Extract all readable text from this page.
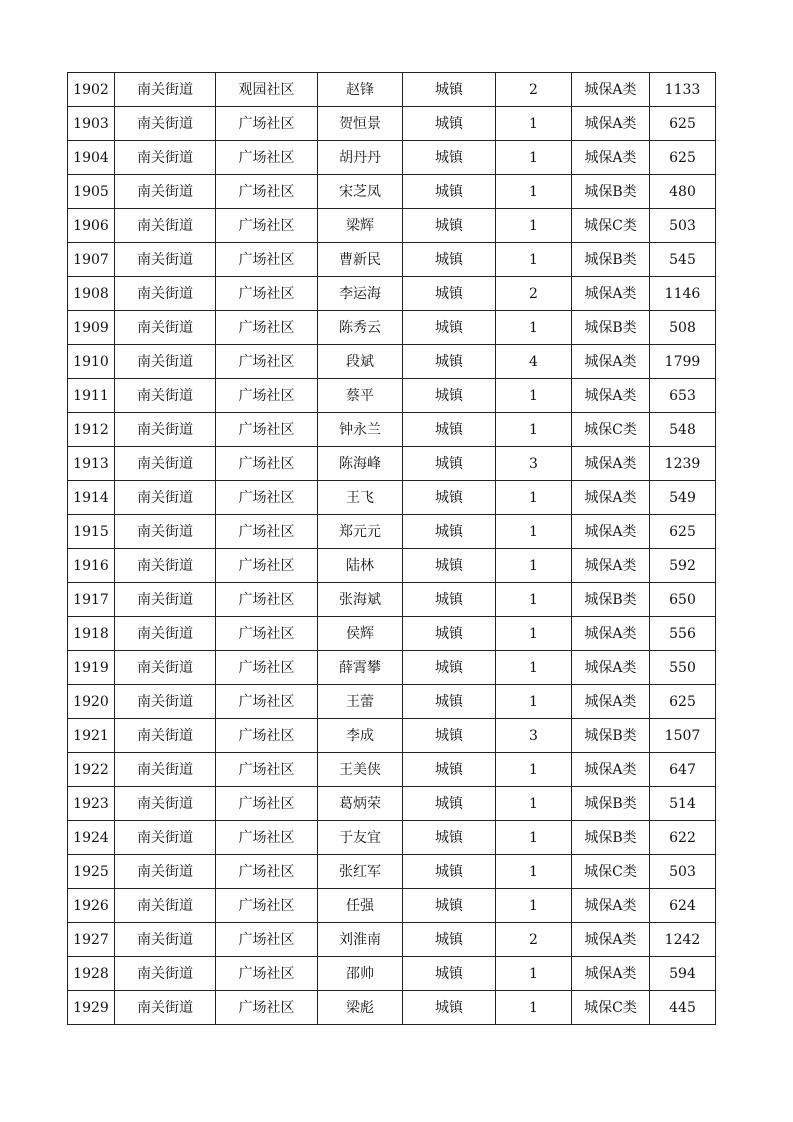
1902	南关街道	观园社区	赵锋	城镇	2	城保A类	1133
1903	南关街道	广场社区	贺恒景	城镇	1	城保A类	625
1904	南关街道	广场社区	胡丹丹	城镇	1	城保A类	625
1905	南关街道	广场社区	宋芝凤	城镇	1	城保B类	480
1906	南关街道	广场社区	梁辉	城镇	1	城保C类	503
1907	南关街道	广场社区	曹新民	城镇	1	城保B类	545
1908	南关街道	广场社区	李运海	城镇	2	城保A类	1146
1909	南关街道	广场社区	陈秀云	城镇	1	城保B类	508
1910	南关街道	广场社区	段斌	城镇	4	城保A类	1799
1911	南关街道	广场社区	蔡平	城镇	1	城保A类	653
1912	南关街道	广场社区	钟永兰	城镇	1	城保C类	548
1913	南关街道	广场社区	陈海峰	城镇	3	城保A类	1239
1914	南关街道	广场社区	王飞	城镇	1	城保A类	549
1915	南关街道	广场社区	郑元元	城镇	1	城保A类	625
1916	南关街道	广场社区	陆林	城镇	1	城保A类	592
1917	南关街道	广场社区	张海斌	城镇	1	城保B类	650
1918	南关街道	广场社区	侯辉	城镇	1	城保A类	556
1919	南关街道	广场社区	薛霄攀	城镇	1	城保A类	550
1920	南关街道	广场社区	王蕾	城镇	1	城保A类	625
1921	南关街道	广场社区	李成	城镇	3	城保B类	1507
1922	南关街道	广场社区	王美侠	城镇	1	城保A类	647
1923	南关街道	广场社区	葛炳荣	城镇	1	城保B类	514
1924	南关街道	广场社区	于友宜	城镇	1	城保B类	622
1925	南关街道	广场社区	张红军	城镇	1	城保C类	503
1926	南关街道	广场社区	任强	城镇	1	城保A类	624
1927	南关街道	广场社区	刘淮南	城镇	2	城保A类	1242
1928	南关街道	广场社区	邵帅	城镇	1	城保A类	594
1929	南关街道	广场社区	梁彪	城镇	1	城保C类	445
